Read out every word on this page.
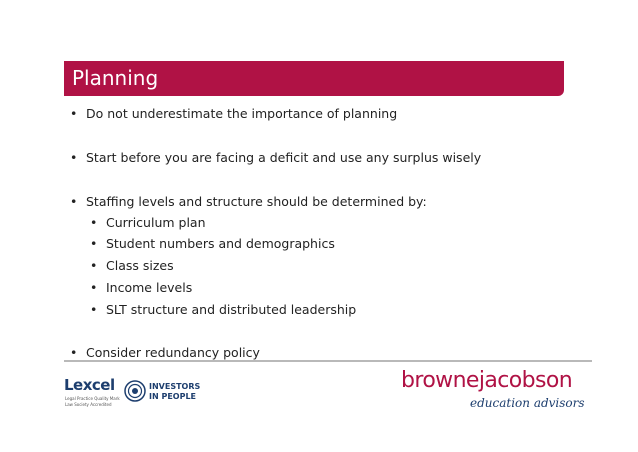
Planning
• Do not underestimate the importance of planning
• Start before you are facing a deficit and use any surplus wisely
• Staffing levels and structure should be determined by:
• Curriculum plan
• Student numbers and demographics
• Class sizes
• Income levels
• SLT structure and distributed leadership
• Consider redundancy policy
Lexcel
Legal Practice Quality Mark
Law Society Accredited
INVESTORS
IN PEOPLE
brownejacobson
education advisors
